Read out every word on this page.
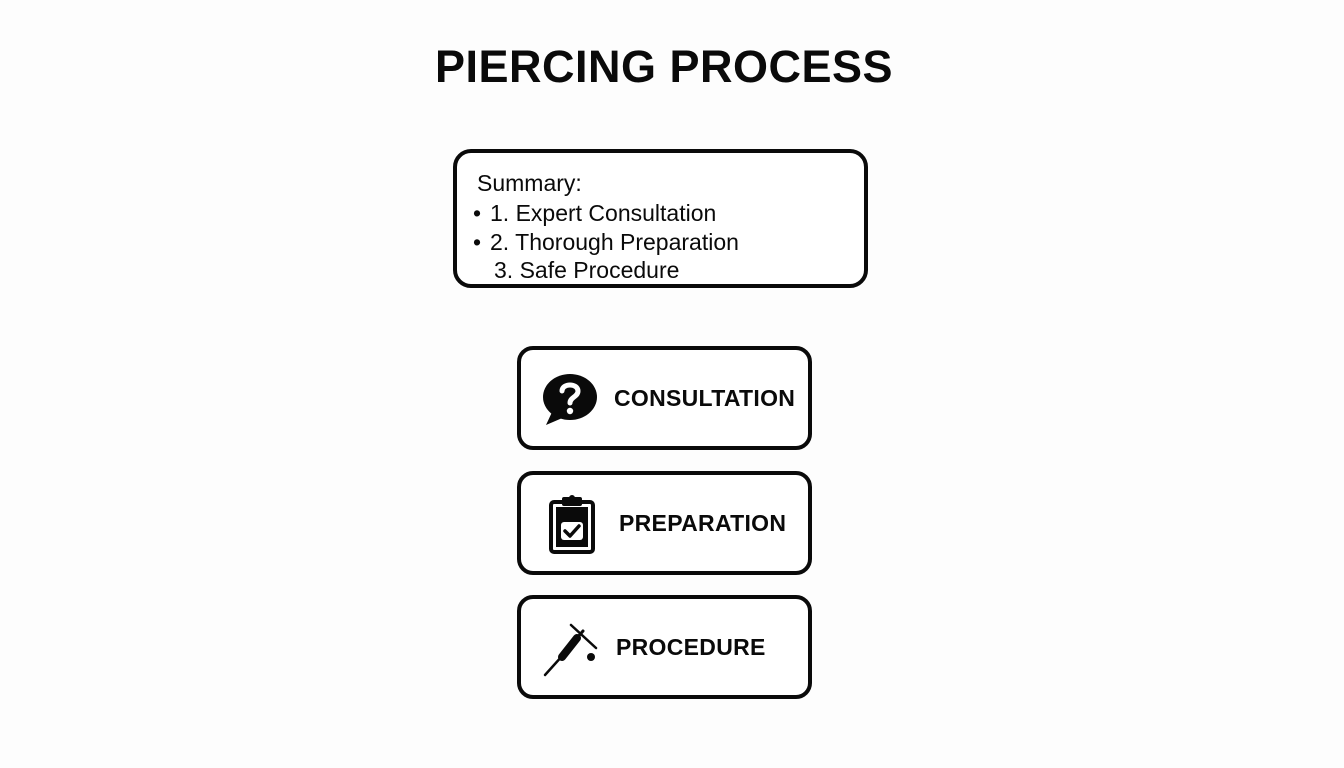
PIERCING PROCESS
Summary:
• 1. Expert Consultation
• 2. Thorough Preparation
3. Safe Procedure
CONSULTATION
PREPARATION
PROCEDURE
